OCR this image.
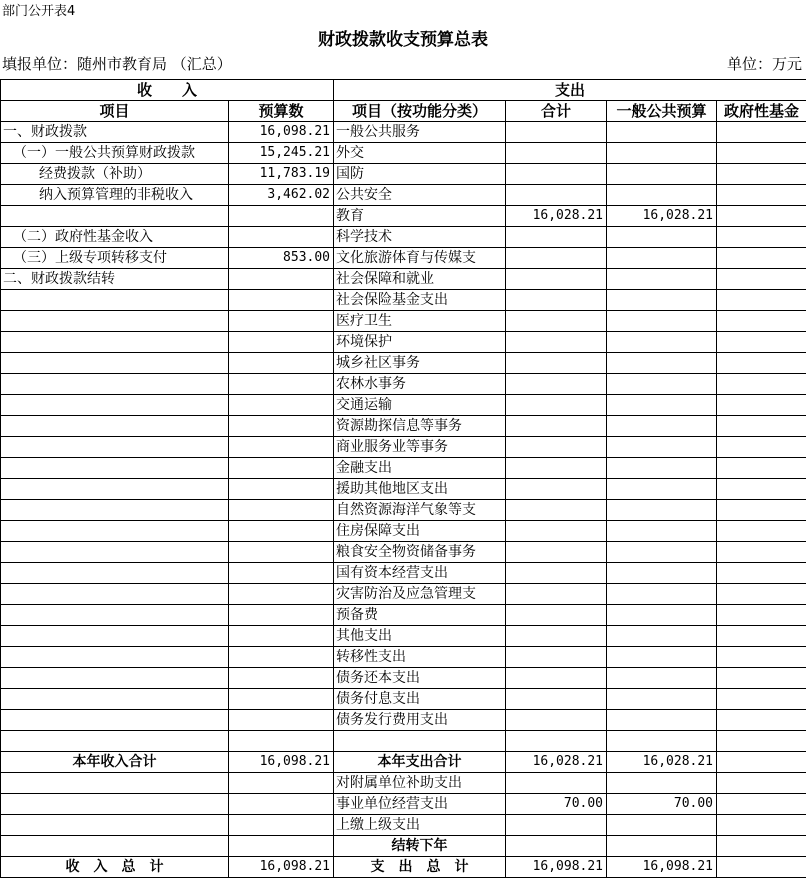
部门公开表4
财政拨款收支预算总表
填报单位：随州市教育局 （汇总）	单位：万元
收　　入		支出			
项目	预算数	项目（按功能分类）	合计	一般公共预算	政府性基金
一、财政拨款	16,098.21	一般公共服务			
（一）一般公共预算财政拨款	15,245.21	外交			
经费拨款（补助）	11,783.19	国防			
纳入预算管理的非税收入	3,462.02	公共安全			
		教育	16,028.21	16,028.21	
（二）政府性基金收入		科学技术			
（三）上级专项转移支付	853.00	文化旅游体育与传媒支			
二、财政拨款结转		社会保障和就业			
		社会保险基金支出			
		医疗卫生			
		环境保护			
		城乡社区事务			
		农林水事务			
		交通运输			
		资源勘探信息等事务			
		商业服务业等事务			
		金融支出			
		援助其他地区支出			
		自然资源海洋气象等支			
		住房保障支出			
		粮食安全物资储备事务			
		国有资本经营支出			
		灾害防治及应急管理支			
		预备费			
		其他支出			
		转移性支出			
		债务还本支出			
		债务付息支出			
		债务发行费用支出			

本年收入合计	16,098.21	本年支出合计	16,028.21	16,028.21	
		对附属单位补助支出			
		事业单位经营支出	70.00	70.00	
		上缴上级支出			
		结转下年			
收　入　总　计	16,098.21	支　出　总　计	16,098.21	16,098.21	
